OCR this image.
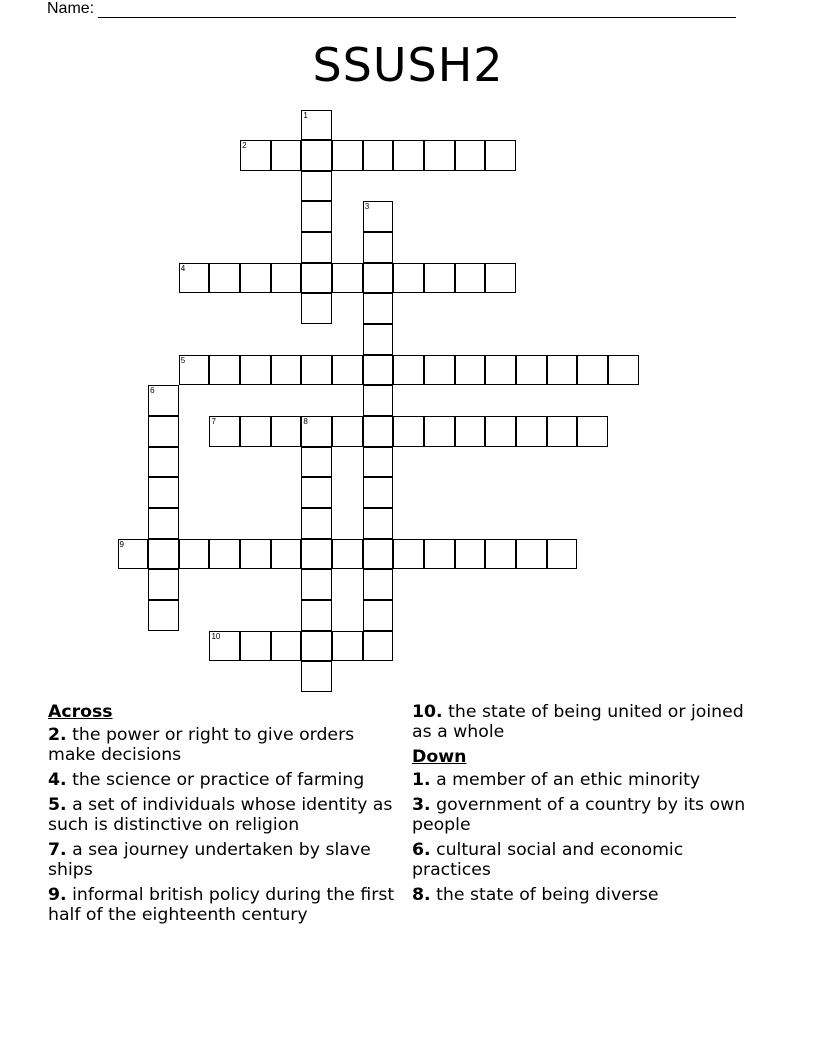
Name:
SSUSH2
1
2
3
4
5
6
7	8
9
10
Across
2. the power or right to give orders make decisions
4. the science or practice of farming
5. a set of individuals whose identity as such is distinctive on religion
7. a sea journey undertaken by slave ships
9. informal british policy during the first half of the eighteenth century
10. the state of being united or joined as a whole
Down
1. a member of an ethic minority
3. government of a country by its own people
6. cultural social and economic practices
8. the state of being diverse
